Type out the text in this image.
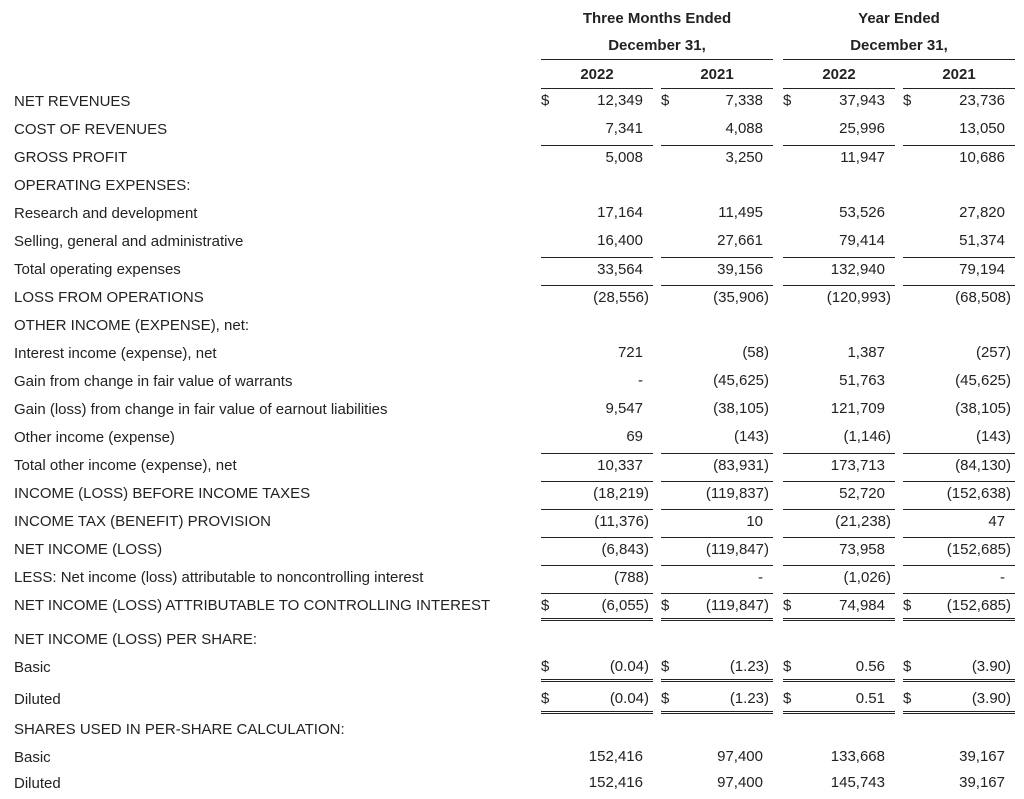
Three Months Ended
December 31,
Year Ended
December 31,
2022	2021	2022	2021
NET REVENUES	$	12,349 $	7,338 $	37,943 $	23,736
COST OF REVENUES	7,341	4,088	25,996	13,050
GROSS PROFIT	5,008	3,250	11,947	10,686
OPERATING EXPENSES:
Research and development	17,164	11,495	53,526	27,820
Selling, general and administrative	16,400	27,661	79,414	51,374
Total operating expenses	33,564	39,156	132,940	79,194
LOSS FROM OPERATIONS	(28,556)	(35,906)	(120,993)	(68,508)
OTHER INCOME (EXPENSE), net:
Interest income (expense), net	721	(58)	1,387	(257)
Gain from change in fair value of warrants	-	(45,625)	51,763	(45,625)
Gain (loss) from change in fair value of earnout liabilities	9,547	(38,105)	121,709	(38,105)
Other income (expense)	69	(143)	(1,146)	(143)
Total other income (expense), net	10,337	(83,931)	173,713	(84,130)
INCOME (LOSS) BEFORE INCOME TAXES	(18,219)	(119,837)	52,720	(152,638)
INCOME TAX (BENEFIT) PROVISION	(11,376)	10	(21,238)	47
NET INCOME (LOSS)	(6,843)	(119,847)	73,958	(152,685)
LESS: Net income (loss) attributable to noncontrolling interest	(788)	-	(1,026)	-
NET INCOME (LOSS) ATTRIBUTABLE TO CONTROLLING INTEREST	$	(6,055) $ (119,847) $	74,984 $ (152,685)
NET INCOME (LOSS) PER SHARE:
Basic	$	(0.04) $	(1.23) $	0.56 $	(3.90)
Diluted	$	(0.04) $	(1.23) $	0.51 $	(3.90)
SHARES USED IN PER-SHARE CALCULATION:
Basic	152,416	97,400	133,668	39,167
Diluted	152,416	97,400	145,743	39,167
